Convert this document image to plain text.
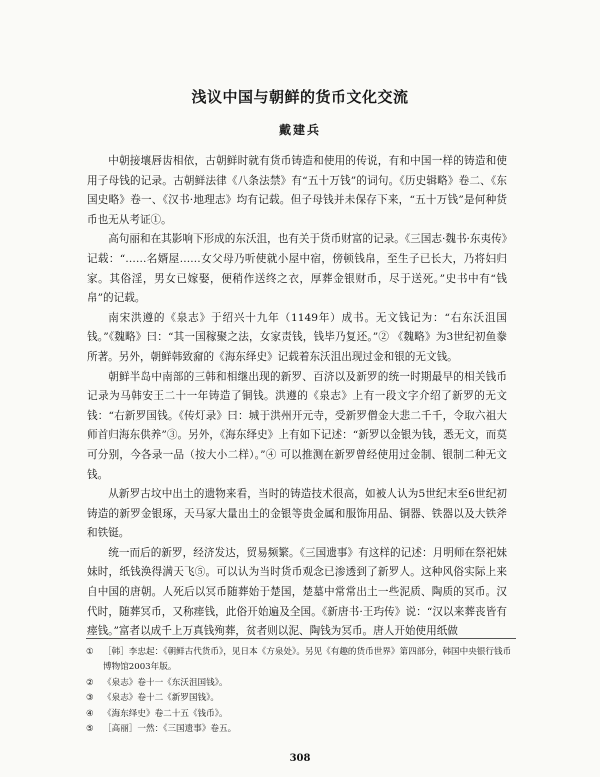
浅议中国与朝鲜的货币文化交流
戴建兵

中朝接壤唇齿相依，古朝鲜时就有货币铸造和使用的传说，有和中国一样的铸造和使用子母钱的记录。古朝鲜法律《八条法禁》有“五十万钱”的词句。《历史辑略》卷二、《东国史略》卷一、《汉书·地理志》均有记载。但子母钱并未保存下来，“五十万钱”是何种货币也无从考证①。

高句丽和在其影响下形成的东沃沮，也有关于货币财富的记录。《三国志·魏书·东夷传》记载：“……名婿屋……女父母乃听使就小屋中宿，傍顿钱帛，至生子已长大，乃将妇归家。其俗淫，男女已嫁娶，便稍作送终之衣，厚葬金银财币，尽于送死。”史书中有“钱帛”的记载。

南宋洪遵的《泉志》于绍兴十九年（1149年）成书。无文钱记为：“右东沃沮国钱。”《魏略》曰：“其一国稼聚之法，女家责钱，钱毕乃复还。”② 《魏略》为3世纪初鱼豢所著。另外，朝鲜韩致奫的《海东绎史》记载着东沃沮出现过金和银的无文钱。

朝鲜半岛中南部的三韩和相继出现的新罗、百济以及新罗的统一时期最早的相关钱币记录为马韩安王二十一年铸造了铜钱。洪遵的《泉志》上有一段文字介绍了新罗的无文钱：“右新罗国钱。《传灯录》曰：城于洪州开元寺，受新罗僧金大悲二千千，令取六祖大师首归海东供养”③。另外，《海东绎史》上有如下记述：“新罗以金银为钱，悉无文，而莫可分别，今各录一品（按大小二样）。”④ 可以推测在新罗曾经使用过金制、银制二种无文钱。

从新罗古坟中出土的遗物来看，当时的铸造技术很高，如被人认为5世纪末至6世纪初铸造的新罗金银琢，天马冢大量出土的金银等贵金属和服饰用品、铜器、铁器以及大铁斧和铁铤。

统一而后的新罗，经济发达，贸易频繁。《三国遗事》有这样的记述：月明师在祭祀妹妹时，纸钱涣得满天飞⑤。可以认为当时货币观念已渗透到了新罗人。这种风俗实际上来自中国的唐朝。人死后以冥币随葬始于楚国，楚墓中常常出土一些泥质、陶质的冥币。汉代时，随葬冥币，又称瘗钱，此俗开始遍及全国。《新唐书·王玙传》说：“汉以来葬丧皆有瘗钱。”富者以成千上万真钱殉葬，贫者则以泥、陶钱为冥币。唐人开始使用纸做

①	［韩］李忠起：《朝鲜古代货币》，见日本《方泉处》。另见《有趣的货币世界》第四部分，韩国中央银行钱币博物馆2003年版。
②	《泉志》卷十一《东沃沮国钱》。
③	《泉志》卷十二《新罗国钱》。
④	《海东绎史》卷二十五《钱币》。
⑤	［高丽］一然：《三国遗事》卷五。
308
